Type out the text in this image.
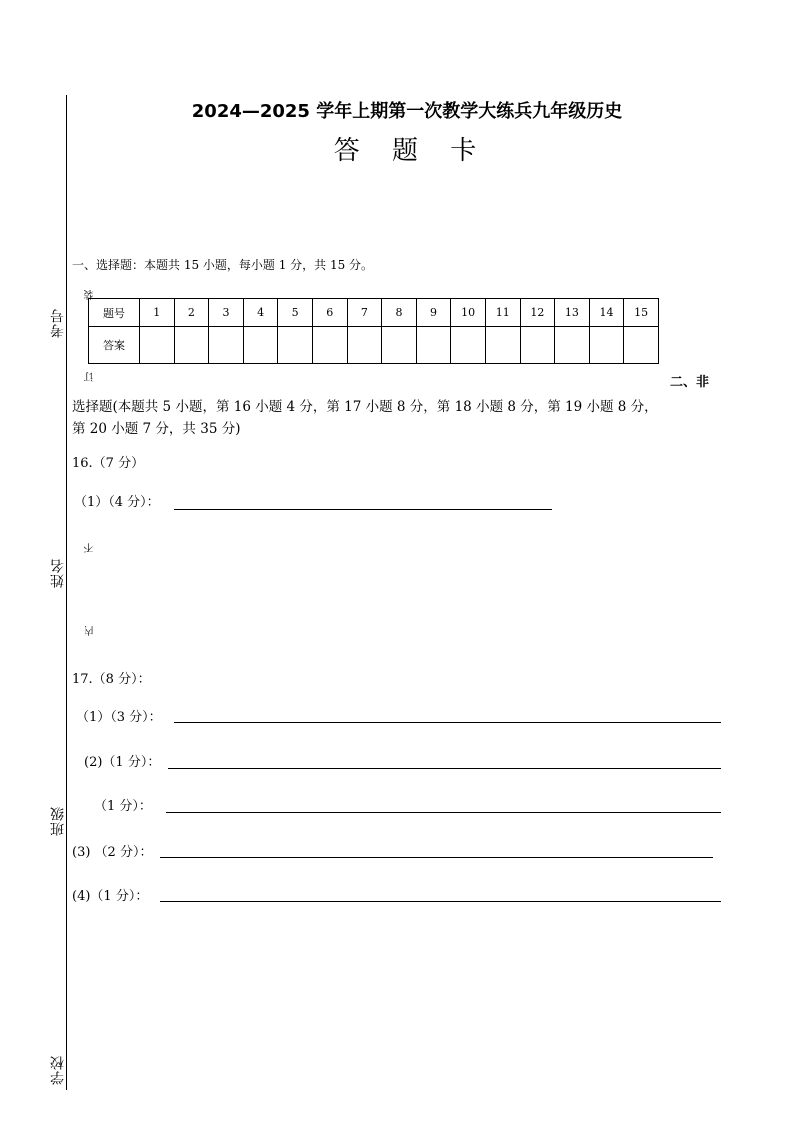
考号
姓名
班级
学校
装
订
不
内
2024—2025 学年上期第一次教学大练兵九年级历史
答 题 卡
一、选择题：本题共 15 小题，每小题 1 分，共 15 分。
题号	1	2	3	4	5	6	7	8	9	10	11	12	13	14	15
答案															
二、非
选择题(本题共 5 小题，第 16 小题 4 分，第 17 小题 8 分，第 18 小题 8 分，第 19 小题 8 分，
第 20 小题 7 分，共 35 分)
16.（7 分）
（1）（4 分）：
17.（8 分）：
（1）（3 分）：
(2)（1 分）：
（1 分）：
(3) （2 分）：
(4)（1 分）：
